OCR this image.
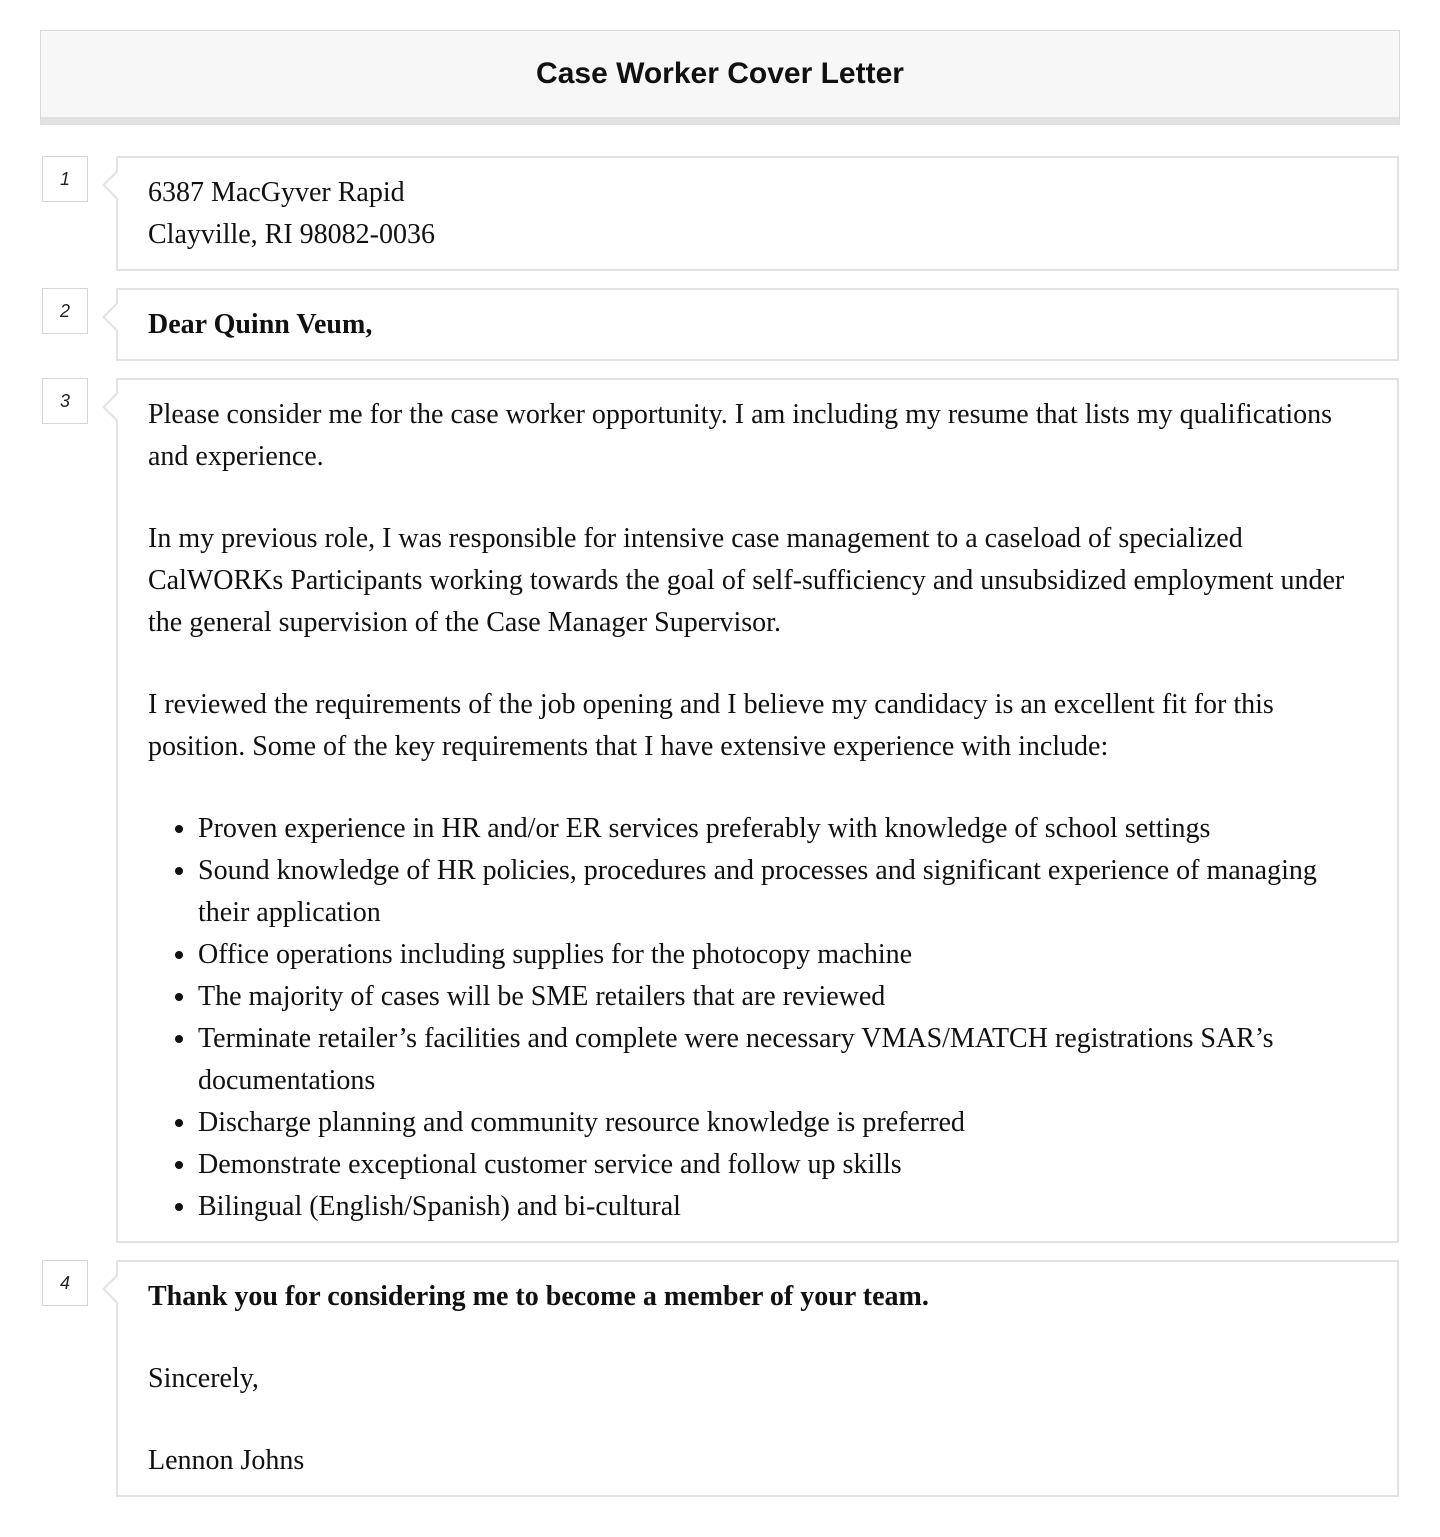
Case Worker Cover Letter
1	6387 MacGyver Rapid
Clayville, RI 98082-0036
2	Dear Quinn Veum,
3	Please consider me for the case worker opportunity. I am including my resume that lists my qualifications and experience.

In my previous role, I was responsible for intensive case management to a caseload of specialized CalWORKs Participants working towards the goal of self-sufficiency and unsubsidized employment under the general supervision of the Case Manager Supervisor.

I reviewed the requirements of the job opening and I believe my candidacy is an excellent fit for this position. Some of the key requirements that I have extensive experience with include:

• Proven experience in HR and/or ER services preferably with knowledge of school settings
• Sound knowledge of HR policies, procedures and processes and significant experience of managing their application
• Office operations including supplies for the photocopy machine
• The majority of cases will be SME retailers that are reviewed
• Terminate retailer’s facilities and complete were necessary VMAS/MATCH registrations SAR’s documentations
• Discharge planning and community resource knowledge is preferred
• Demonstrate exceptional customer service and follow up skills
• Bilingual (English/Spanish) and bi-cultural
4	Thank you for considering me to become a member of your team.

Sincerely,

Lennon Johns
